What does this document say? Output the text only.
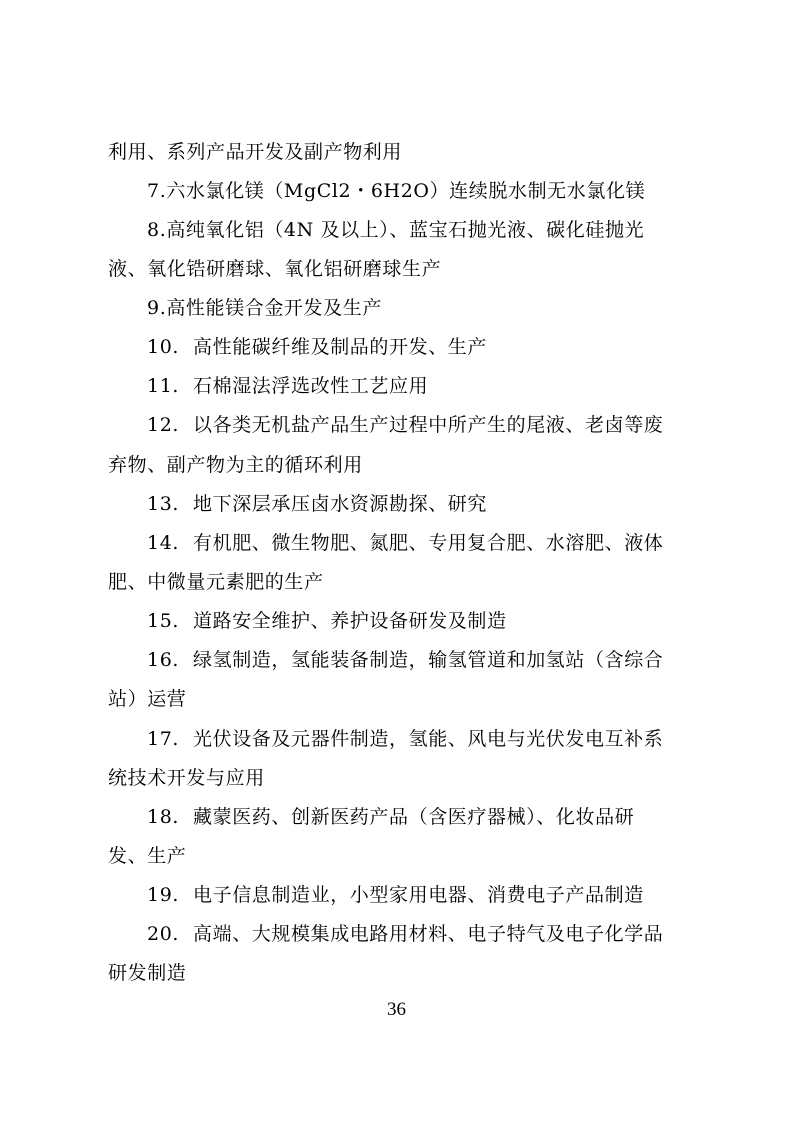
利用、系列产品开发及副产物利用
7.六水氯化镁（MgCl2・6H2O）连续脱水制无水氯化镁
8.高纯氧化铝（4N 及以上）、蓝宝石抛光液、碳化硅抛光
液、氧化锆研磨球、氧化铝研磨球生产
9.高性能镁合金开发及生产
10. 高性能碳纤维及制品的开发、生产
11. 石棉湿法浮选改性工艺应用
12. 以各类无机盐产品生产过程中所产生的尾液、老卤等废
弃物、副产物为主的循环利用
13. 地下深层承压卤水资源勘探、研究
14. 有机肥、微生物肥、氮肥、专用复合肥、水溶肥、液体
肥、中微量元素肥的生产
15. 道路安全维护、养护设备研发及制造
16. 绿氢制造，氢能装备制造，输氢管道和加氢站（含综合
站）运营
17. 光伏设备及元器件制造，氢能、风电与光伏发电互补系
统技术开发与应用
18. 藏蒙医药、创新医药产品（含医疗器械）、化妆品研
发、生产
19. 电子信息制造业，小型家用电器、消费电子产品制造
20. 高端、大规模集成电路用材料、电子特气及电子化学品
研发制造
36
